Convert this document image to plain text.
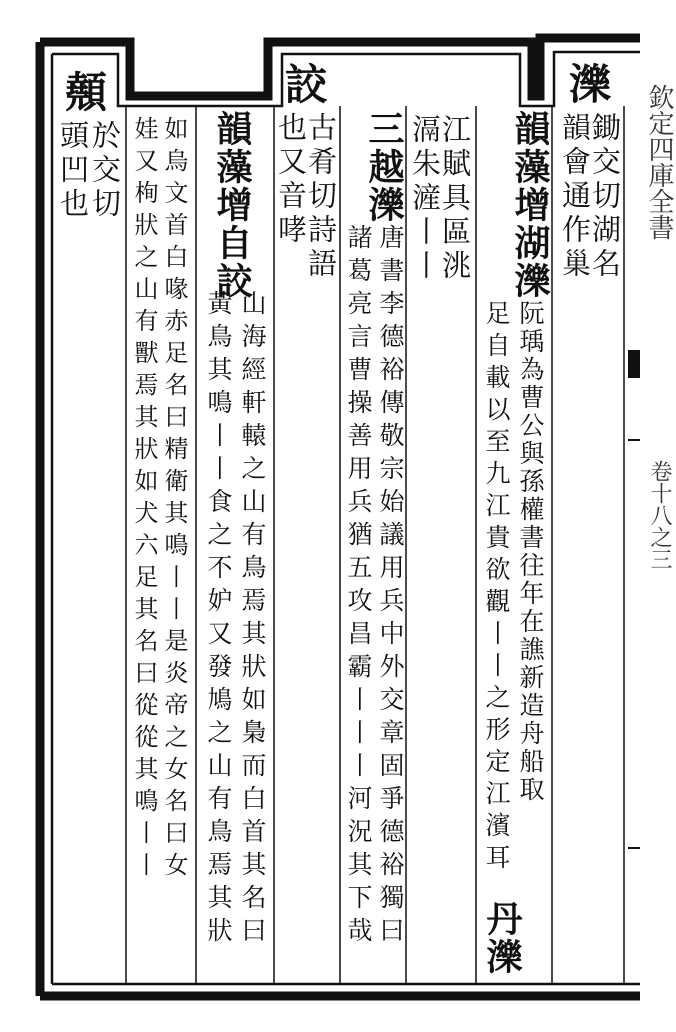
欽定四庫全書
卷十八之三
濼
鋤交切湖名
韻會通作巢
韻藻增湖濼
阮瑀為曹公與孫權書往年在譙新造舟船取
足自載以至九江貴欲觀丨丨之形定江濱耳
丹濼
江賦具區洮
滆朱滻丨丨
三越濼
唐書李德裕傳敬宗始議用兵中外交章固爭德裕獨曰
諸葛亮言曹操善用兵猶五攻昌霸丨丨丨河況其下哉
詨
古肴切詩語
也又音哮
韻藻增自詨
山海經軒轅之山有鳥焉其狀如梟而白首其名曰
黃鳥其鳴丨丨食之不妒又發鳩之山有鳥焉其狀
如烏文首白喙赤足名曰精衛其鳴丨丨是炎帝之女名曰女
娃又栒狀之山有獸焉其狀如犬六足其名曰從從其鳴丨丨
顤
於交切
頭凹也
